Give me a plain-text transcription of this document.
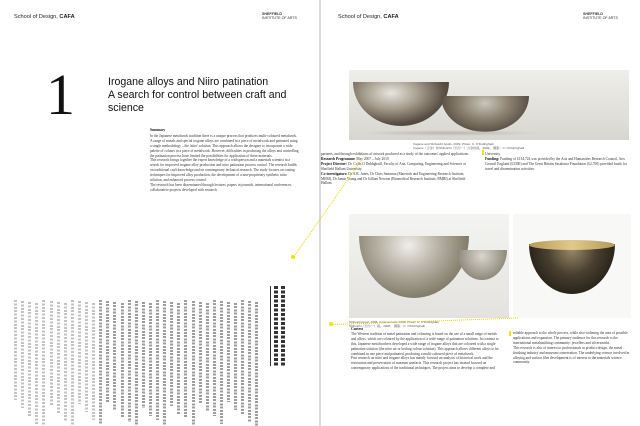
School of Design, CAFA	SHEFFIELD
INSTITUTE OF ARTS
1	Irogane alloys and Niiro patination
A search for control between craft and
science
Summary

In the Japanese metalwork tradition there is a unique process that produces multi-coloured metalwork. A range of metals and special irogane alloys are combined in a piece of metalwork and patinated using a single methodology – the 'niiro' solution. This approach allows the designer to incorporate a wide palette of colours in a piece of metalwork. However, difficulties in producing the alloys and controlling the patination process have limited the possibilities for application of these materials.

This research brings together the expert knowledge of a craftsperson and a materials scientist in a search for improved irogane alloy production and niiro patination process control. The research builds on traditional craft knowledge and on contemporary technical research. The study focuses on casting techniques for improved alloy production, the development of a non-proprietary synthetic niiro solution, and enhanced process control.

The research has been disseminated through lectures, papers in journals, international conferences, collaborative projects developed with research

School of Design, CAFA	SHEFFIELD
INSTITUTE OF ARTS
Irogane and Shibuichi bowls, 2009. Photo: C. O'Dubhghaill
Irogane（合金）和Shibuichi（四分一）合金的碗，2009。 摄影：C. O'Dubhghaill

partners, and through exhibitions of artwork produced as a study of the outcomes' applied applications.

Research Programme: May 2007 – July 2010

Project Director: Dr. Colm O Dubhghaill, Faculty of Arts, Computing, Engineering and Sciences at Sheffield Hallam University

Co-investigators: Dr A.R. Jones, Dr Chris Sammon (Materials and Engineering Research Institute, MERI), Dr Jamie Young and Dr Gillian Newton (Biomedical Research Institute, BMRI) at Sheffield Hallam

University

Funding: Funding of £134,724 was provided by the Arts and Humanities Research Council, Arts Council England (£3300) and The Great Britain Sasakawa Foundation (£2,700) provided funds for travel and dissemination activities.

Shibuichi bowl, 2008. Irogane bowl, 2008. Photo: C. O'Dubhghaill
Shibuichi（四分一）碗，2008。 摄影：C. O'Dubhghaill

Context

The Western tradition of metal patination and colouring is based on the use of a small range of metals and alloys, which are coloured by the application of a wide range of patination solutions. In contrast to this, Japanese metalworkers developed a wide range of irogane alloys that are coloured with a single patination solution (the niiro air or boiling colour solution). This approach allows different alloys to be combined in one piece and patinated, producing a multi-coloured piece of metalwork.

Past research on niiro and irogane alloys has mainly focused on analysis of historical work and the restoration and preservation of museum artefacts. This research project has instead focused on contemporary applications of the traditional techniques. The project aims to develop a complete and

reliable approach to the whole process, while also widening the area of possible applications and expansion. The primary audience for this research is the international metalsmithing community: jewellers and silversmiths.

This research is also of interest to professionals in product design, the metal finishing industry and museum conservation. The underlying science involved in alloying and surface film development is of interest to the materials science community.
